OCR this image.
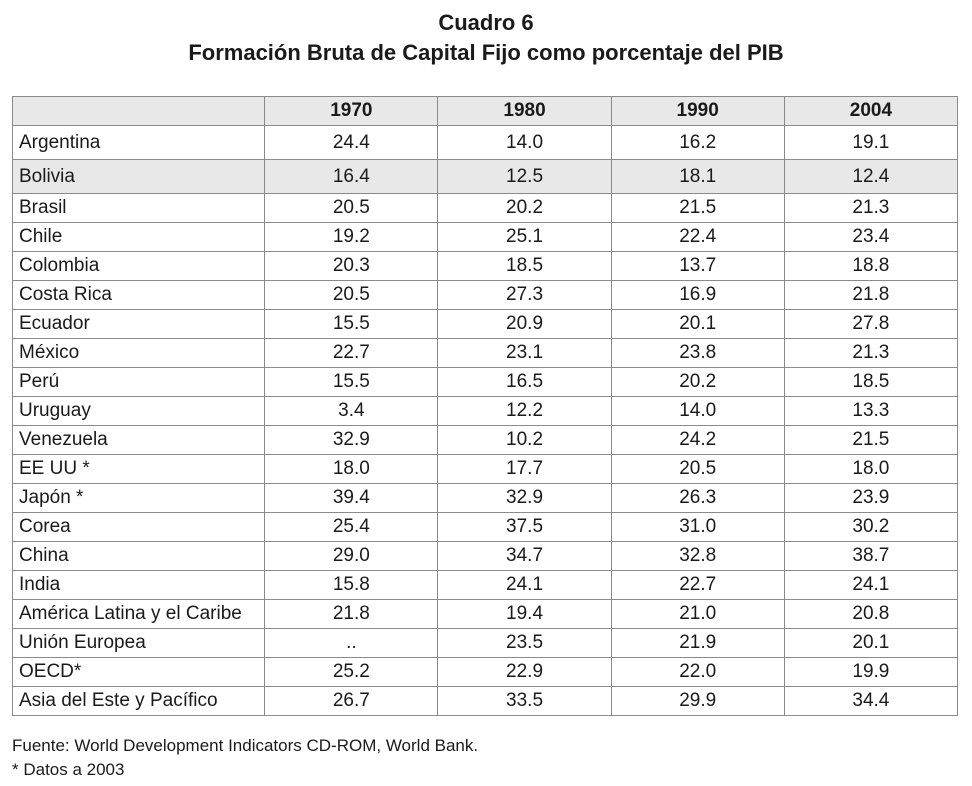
Cuadro 6
Formación Bruta de Capital Fijo como porcentaje del PIB
	1970	1980	1990	2004
Argentina	24.4	14.0	16.2	19.1
Bolivia	16.4	12.5	18.1	12.4
Brasil	20.5	20.2	21.5	21.3
Chile	19.2	25.1	22.4	23.4
Colombia	20.3	18.5	13.7	18.8
Costa Rica	20.5	27.3	16.9	21.8
Ecuador	15.5	20.9	20.1	27.8
México	22.7	23.1	23.8	21.3
Perú	15.5	16.5	20.2	18.5
Uruguay	3.4	12.2	14.0	13.3
Venezuela	32.9	10.2	24.2	21.5
EE UU *	18.0	17.7	20.5	18.0
Japón *	39.4	32.9	26.3	23.9
Corea	25.4	37.5	31.0	30.2
China	29.0	34.7	32.8	38.7
India	15.8	24.1	22.7	24.1
América Latina y el Caribe	21.8	19.4	21.0	20.8
Unión Europea	..	23.5	21.9	20.1
OECD*	25.2	22.9	22.0	19.9
Asia del Este y Pacífico	26.7	33.5	29.9	34.4
Fuente: World Development Indicators CD-ROM, World Bank.
* Datos a 2003
